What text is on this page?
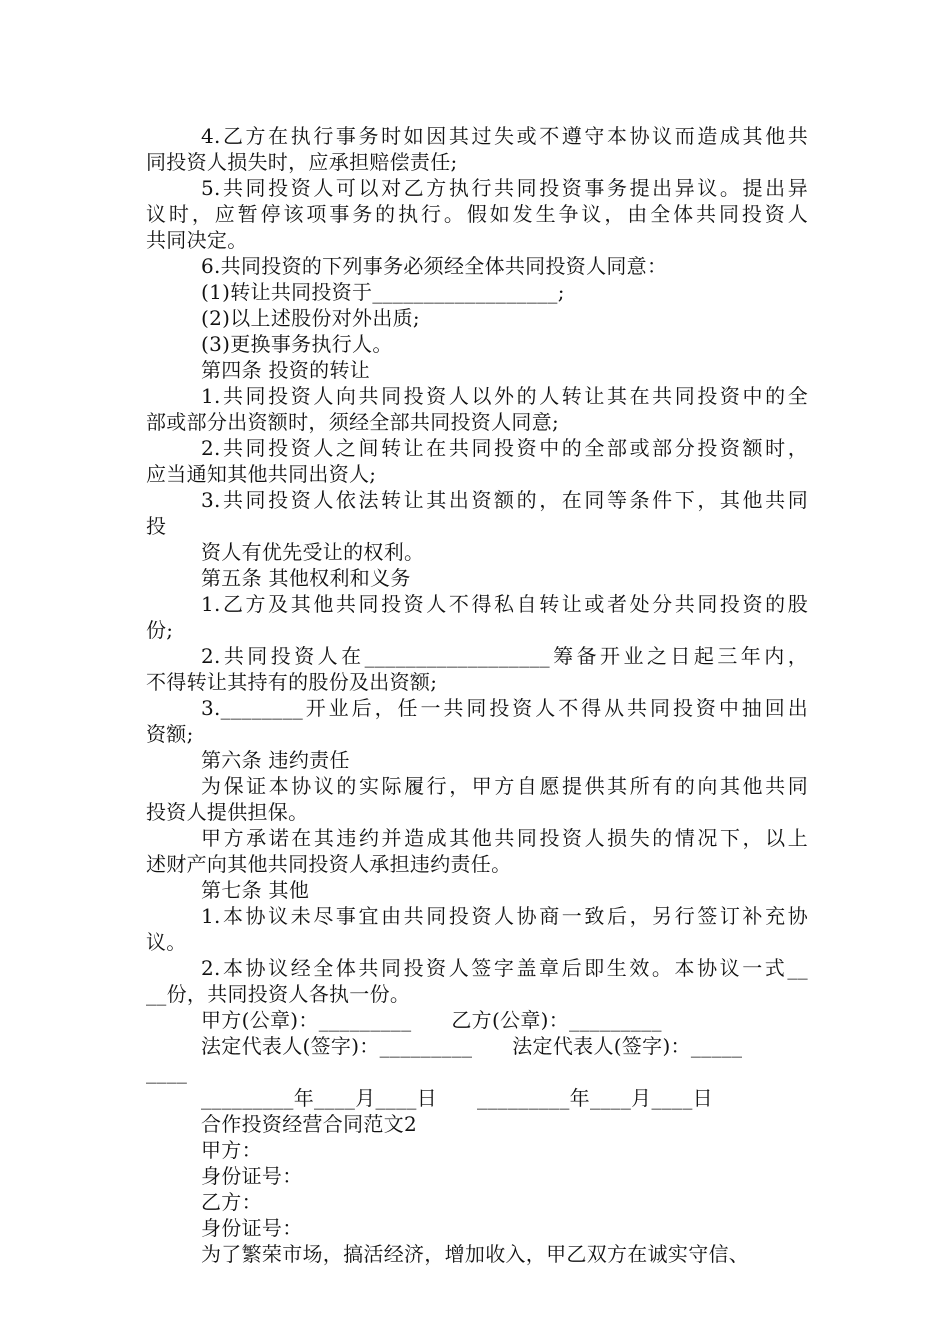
4.乙方在执行事务时如因其过失或不遵守本协议而造成其他共
同投资人损失时，应承担赔偿责任;
5.共同投资人可以对乙方执行共同投资事务提出异议。提出异
议时，应暂停该项事务的执行。假如发生争议，由全体共同投资人
共同决定。
6.共同投资的下列事务必须经全体共同投资人同意：
(1)转让共同投资于__________________;
(2)以上述股份对外出质;
(3)更换事务执行人。
第四条 投资的转让
1.共同投资人向共同投资人以外的人转让其在共同投资中的全
部或部分出资额时，须经全部共同投资人同意;
2.共同投资人之间转让在共同投资中的全部或部分投资额时，
应当通知其他共同出资人;
3.共同投资人依法转让其出资额的，在同等条件下，其他共同
投
资人有优先受让的权利。
第五条 其他权利和义务
1.乙方及其他共同投资人不得私自转让或者处分共同投资的股
份;
2.共同投资人在__________________筹备开业之日起三年内，
不得转让其持有的股份及出资额;
3.________开业后，任一共同投资人不得从共同投资中抽回出
资额;
第六条 违约责任
为保证本协议的实际履行，甲方自愿提供其所有的向其他共同
投资人提供担保。
甲方承诺在其违约并造成其他共同投资人损失的情况下，以上
述财产向其他共同投资人承担违约责任。
第七条 其他
1.本协议未尽事宜由共同投资人协商一致后，另行签订补充协
议。
2.本协议经全体共同投资人签字盖章后即生效。本协议一式__
__份，共同投资人各执一份。
甲方(公章)：_________      乙方(公章)：_________
法定代表人(签字)：_________      法定代表人(签字)：_____
____
_________年____月____日      _________年____月____日
合作投资经营合同范文2
甲方：
身份证号：
乙方：
身份证号：
为了繁荣市场，搞活经济，增加收入，甲乙双方在诚实守信、
